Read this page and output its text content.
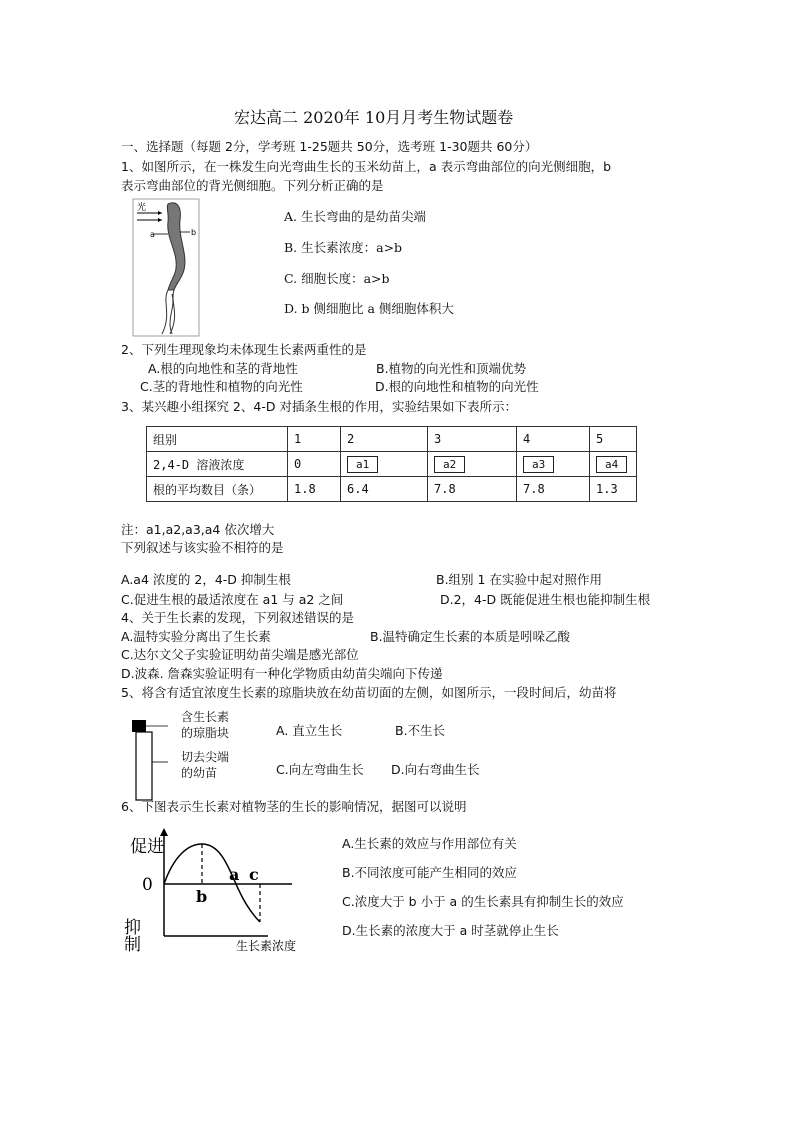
宏达高二 2020年 10月月考生物试题卷
一、选择题（每题 2分，学考班 1-25题共 50分，选考班 1-30题共 60分）
1、如图所示，在一株发生向光弯曲生长的玉米幼苗上，a 表示弯曲部位的向光侧细胞，b
表示弯曲部位的背光侧细胞。下列分析正确的是
光
a	b
A. 生长弯曲的是幼苗尖端
B. 生长素浓度：a>b
C. 细胞长度：a>b
D. b 侧细胞比 a 侧细胞体积大
2、下列生理现象均未体现生长素两重性的是
A.根的向地性和茎的背地性	B.植物的向光性和顶端优势
C.茎的背地性和植物的向光性	D.根的向地性和植物的向光性
3、某兴趣小组探究 2、4-D 对插条生根的作用，实验结果如下表所示：
组别	1	2	3	4	5
2,4-D 溶液浓度	0	a1	a2	a3	a4
根的平均数目（条）	1.8	6.4	7.8	7.8	1.3
注：a1,a2,a3,a4 依次增大
下列叙述与该实验不相符的是
A.a4 浓度的 2，4-D 抑制生根	B.组别 1 在实验中起对照作用
C.促进生根的最适浓度在 a1 与 a2 之间	D.2，4-D 既能促进生根也能抑制生根
4、关于生长素的发现，下列叙述错误的是
A.温特实验分离出了生长素	B.温特确定生长素的本质是吲哚乙酸
C.达尔文父子实验证明幼苗尖端是感光部位
D.波森. 詹森实验证明有一种化学物质由幼苗尖端向下传递
5、将含有适宜浓度生长素的琼脂块放在幼苗切面的左侧，如图所示，一段时间后，幼苗将
含生长素
的琼脂块
切去尖端
的幼苗
A. 直立生长	B.不生长
C.向左弯曲生长 D.向右弯曲生长
6、下图表示生长素对植物茎的生长的影响情况，据图可以说明
促进
0
抑制
a
b
c
生长素浓度
A.生长素的效应与作用部位有关
B.不同浓度可能产生相同的效应
C.浓度大于 b 小于 a 的生长素具有抑制生长的效应
D.生长素的浓度大于 a 时茎就停止生长
